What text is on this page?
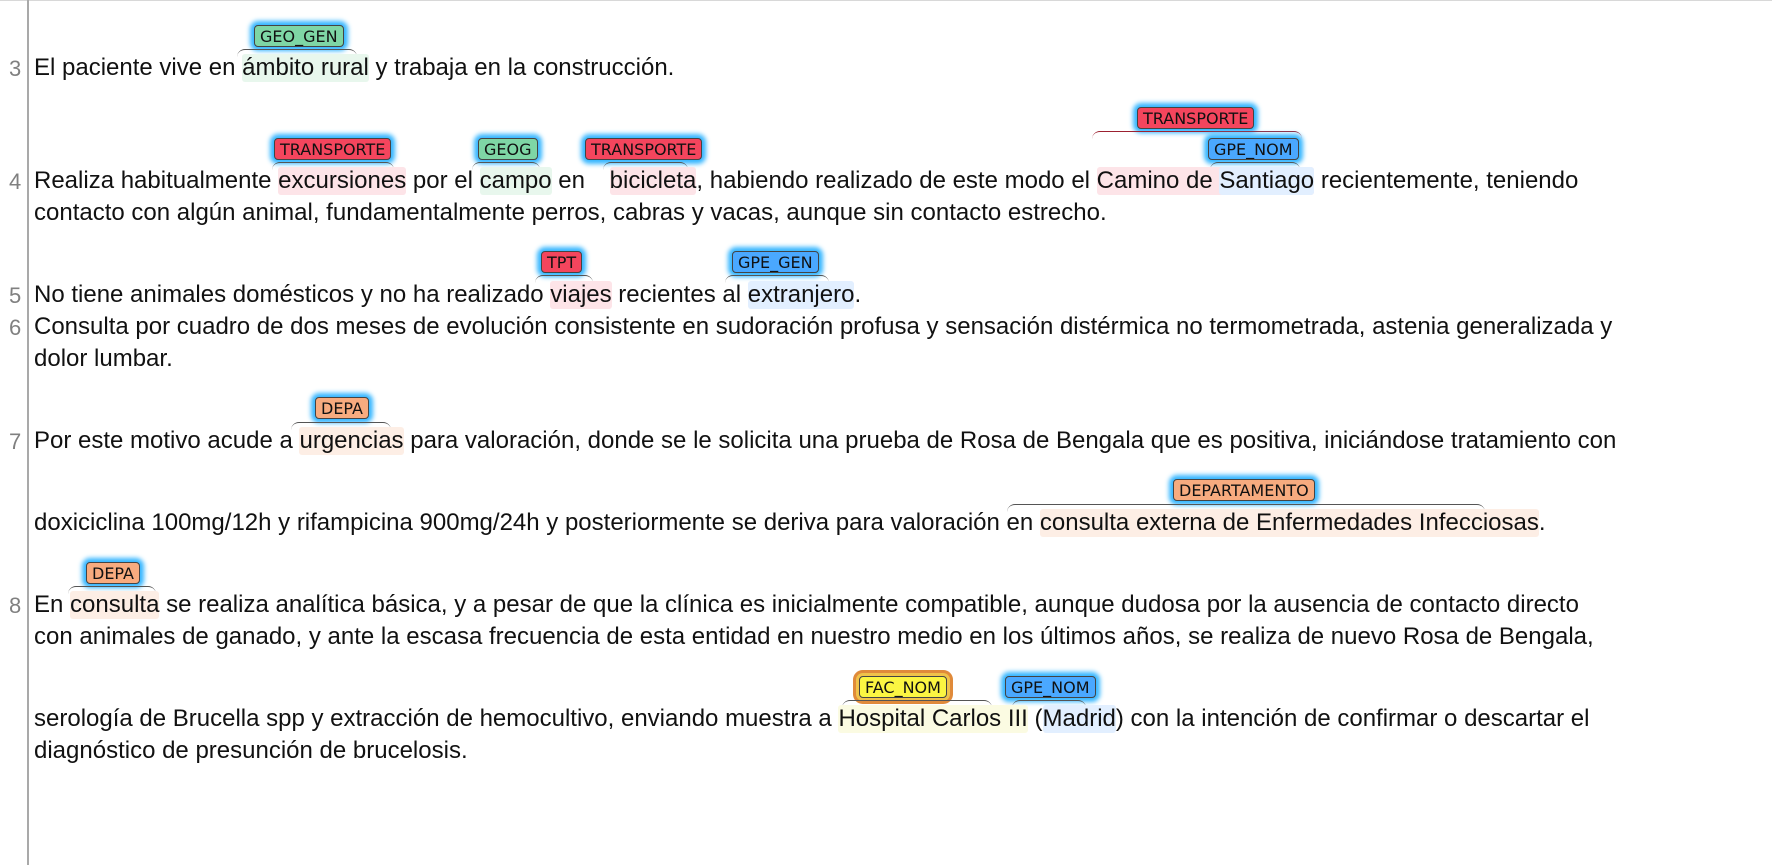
3
4
5
6
7
8
GEO_GEN
El paciente vive en ámbito rural y trabaja en la construcción.
TRANSPORTE	GEOG	TRANSPORTE
TRANSPORTE
GPE_NOM
Realiza habitualmente excursiones por el campo en bicicleta, habiendo realizado de este modo el Camino de Santiago recientemente, teniendo
contacto con algún animal, fundamentalmente perros, cabras y vacas, aunque sin contacto estrecho.
TPT	GPE_GEN
No tiene animales domésticos y no ha realizado viajes recientes al extranjero.
Consulta por cuadro de dos meses de evolución consistente en sudoración profusa y sensación distérmica no termometrada, astenia generalizada y
dolor lumbar.
DEPA
Por este motivo acude a urgencias para valoración, donde se le solicita una prueba de Rosa de Bengala que es positiva, iniciándose tratamiento con
DEPARTAMENTO
doxiciclina 100mg/12h y rifampicina 900mg/24h y posteriormente se deriva para valoración en consulta externa de Enfermedades Infecciosas.
DEPA
En consulta se realiza analítica básica, y a pesar de que la clínica es inicialmente compatible, aunque dudosa por la ausencia de contacto directo
con animales de ganado, y ante la escasa frecuencia de esta entidad en nuestro medio en los últimos años, se realiza de nuevo Rosa de Bengala,
FAC_NOM	GPE_NOM
serología de Brucella spp y extracción de hemocultivo, enviando muestra a Hospital Carlos III (Madrid) con la intención de confirmar o descartar el
diagnóstico de presunción de brucelosis.
